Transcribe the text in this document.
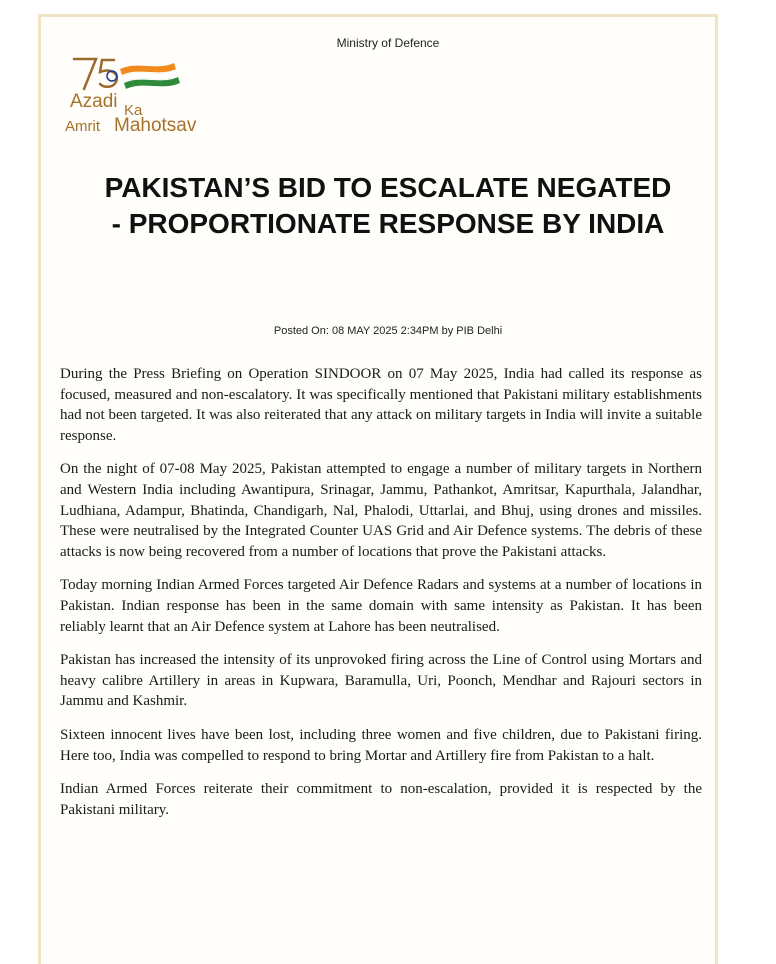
Ministry of Defence
Azadi Ka
Amrit Mahotsav
PAKISTAN’S BID TO ESCALATE NEGATED - PROPORTIONATE RESPONSE BY INDIA
Posted On: 08 MAY 2025 2:34PM by PIB Delhi

During the Press Briefing on Operation SINDOOR on 07 May 2025, India had called its response as focused, measured and non-escalatory. It was specifically mentioned that Pakistani military establishments had not been targeted. It was also reiterated that any attack on military targets in India will invite a suitable response.

On the night of 07-08 May 2025, Pakistan attempted to engage a number of military targets in Northern and Western India including Awantipura, Srinagar, Jammu, Pathankot, Amritsar, Kapurthala, Jalandhar, Ludhiana, Adampur, Bhatinda, Chandigarh, Nal, Phalodi, Uttarlai, and Bhuj, using drones and missiles. These were neutralised by the Integrated Counter UAS Grid and Air Defence systems. The debris of these attacks is now being recovered from a number of locations that prove the Pakistani attacks.

Today morning Indian Armed Forces targeted Air Defence Radars and systems at a number of locations in Pakistan. Indian response has been in the same domain with same intensity as Pakistan. It has been reliably learnt that an Air Defence system at Lahore has been neutralised.

Pakistan has increased the intensity of its unprovoked firing across the Line of Control using Mortars and heavy calibre Artillery in areas in Kupwara, Baramulla, Uri, Poonch, Mendhar and Rajouri sectors in Jammu and Kashmir.

Sixteen innocent lives have been lost, including three women and five children, due to Pakistani firing. Here too, India was compelled to respond to bring Mortar and Artillery fire from Pakistan to a halt.

Indian Armed Forces reiterate their commitment to non-escalation, provided it is respected by the Pakistani military.
